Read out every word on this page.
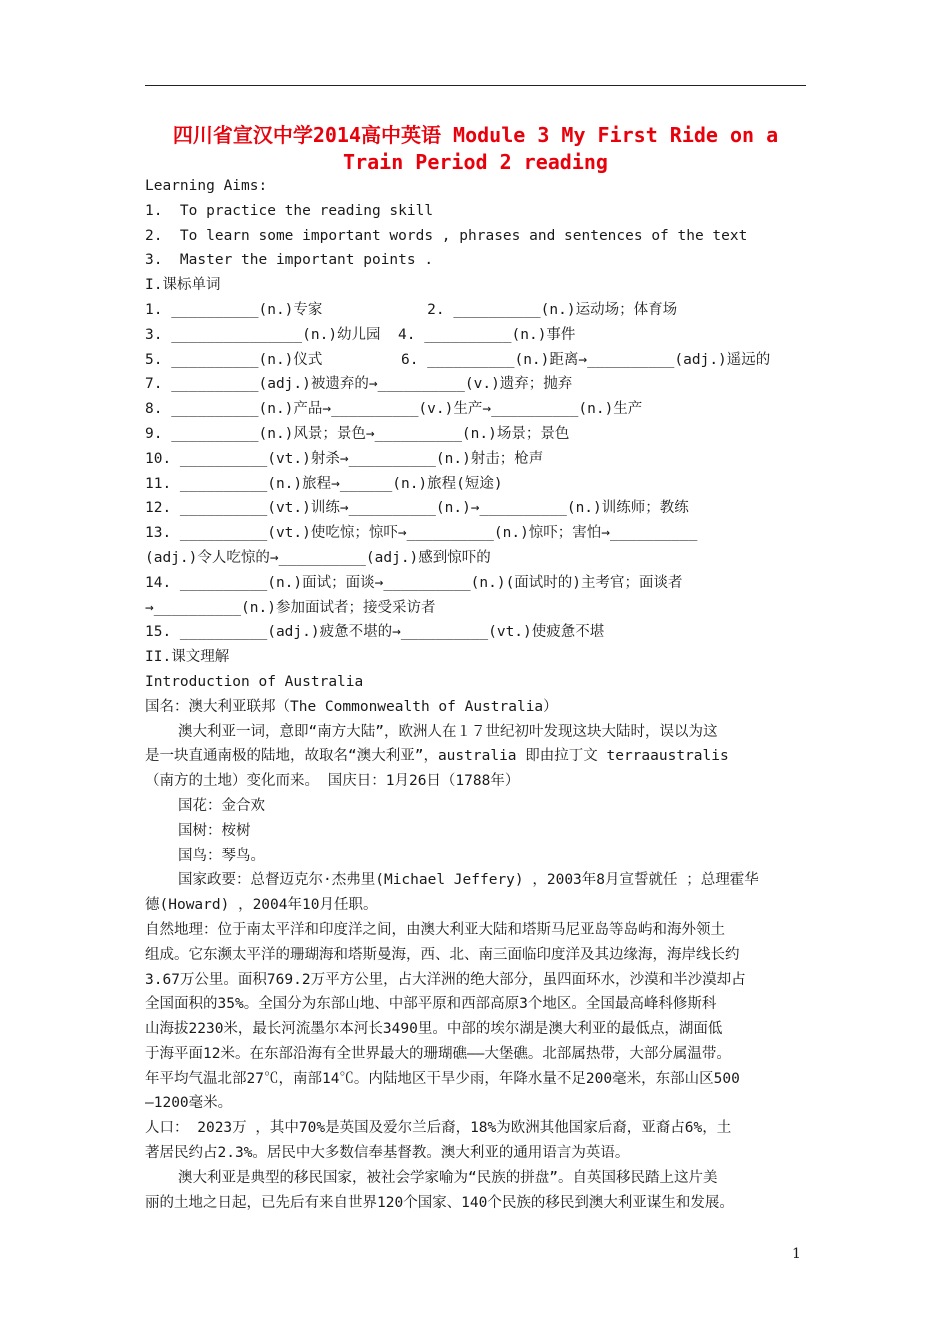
四川省宣汉中学2014高中英语 Module 3 My First Ride on a
Train Period 2 reading
Learning Aims:
1.  To practice the reading skill
2.  To learn some important words , phrases and sentences of the text
3.  Master the important points .
I.课标单词
1. __________(n.)专家            2. __________(n.)运动场；体育场
3. _______________(n.)幼儿园  4. __________(n.)事件
5. __________(n.)仪式         6. __________(n.)距离→__________(adj.)遥远的
7. __________(adj.)被遗弃的→__________(v.)遗弃；抛弃
8. __________(n.)产品→__________(v.)生产→__________(n.)生产
9. __________(n.)风景；景色→__________(n.)场景；景色
10. __________(vt.)射杀→__________(n.)射击；枪声
11. __________(n.)旅程→______(n.)旅程(短途)
12. __________(vt.)训练→__________(n.)→__________(n.)训练师；教练
13. __________(vt.)使吃惊；惊吓→__________(n.)惊吓；害怕→__________
(adj.)令人吃惊的→__________(adj.)感到惊吓的
14. __________(n.)面试；面谈→__________(n.)(面试时的)主考官；面谈者
→__________(n.)参加面试者；接受采访者
15. __________(adj.)疲惫不堪的→__________(vt.)使疲惫不堪
II.课文理解
Introduction of Australia
国名：澳大利亚联邦（The Commonwealth of Australia）
澳大利亚一词，意即“南方大陆”，欧洲人在１７世纪初叶发现这块大陆时，误以为这
是一块直通南极的陆地，故取名“澳大利亚”，australia 即由拉丁文 terraaustralis
（南方的土地）变化而来。 国庆日：1月26日（1788年）
国花：金合欢
国树：桉树
国鸟：琴鸟。
国家政要：总督迈克尔·杰弗里(Michael Jeffery) ，2003年8月宣誓就任 ；总理霍华
德(Howard) ，2004年10月任职。
自然地理：位于南太平洋和印度洋之间，由澳大利亚大陆和塔斯马尼亚岛等岛屿和海外领土
组成。它东濒太平洋的珊瑚海和塔斯曼海，西、北、南三面临印度洋及其边缘海，海岸线长约
3.67万公里。面积769.2万平方公里，占大洋洲的绝大部分，虽四面环水，沙漠和半沙漠却占
全国面积的35%。全国分为东部山地、中部平原和西部高原3个地区。全国最高峰科修斯科
山海拔2230米，最长河流墨尔本河长3490里。中部的埃尔湖是澳大利亚的最低点，湖面低
于海平面12米。在东部沿海有全世界最大的珊瑚礁——大堡礁。北部属热带，大部分属温带。
年平均气温北部27℃，南部14℃。内陆地区干旱少雨，年降水量不足200毫米，东部山区500
—1200毫米。
人口： 2023万 ，其中70%是英国及爱尔兰后裔，18%为欧洲其他国家后裔，亚裔占6%，土
著居民约占2.3%。居民中大多数信奉基督教。澳大利亚的通用语言为英语。
澳大利亚是典型的移民国家，被社会学家喻为“民族的拼盘”。自英国移民踏上这片美
丽的土地之日起，已先后有来自世界120个国家、140个民族的移民到澳大利亚谋生和发展。
1
